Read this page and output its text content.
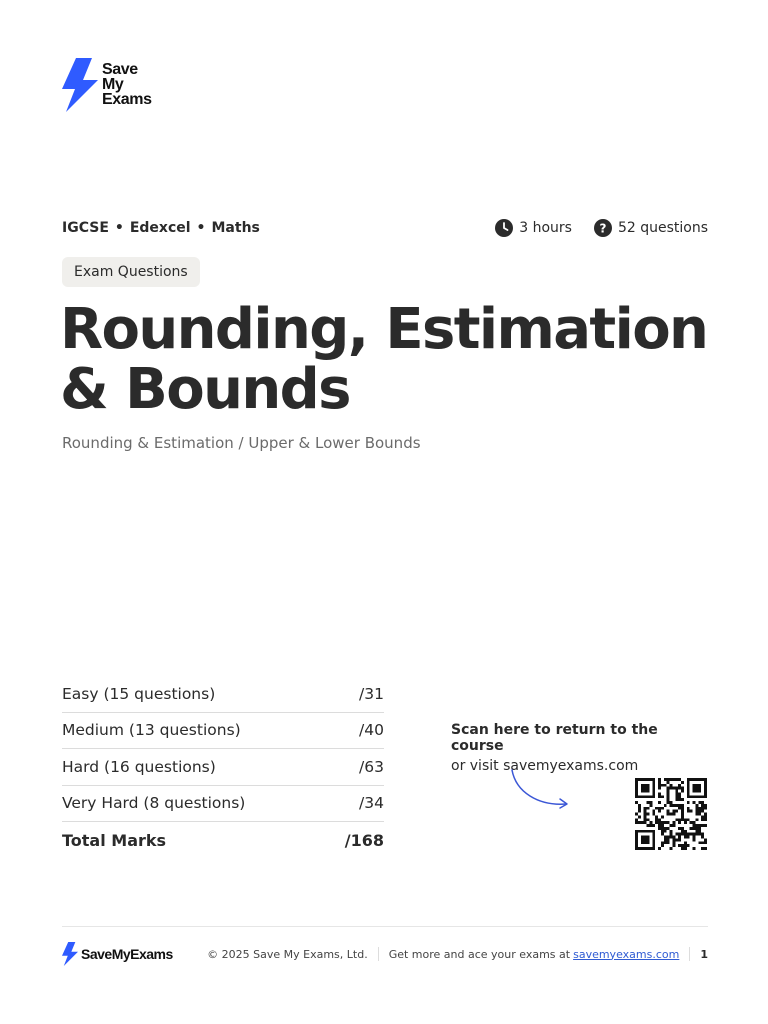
Save
My
Exams
IGCSE • Edexcel • Maths	3 hours ? 52 questions
Exam Questions
Rounding, Estimation
& Bounds
Rounding & Estimation / Upper & Lower Bounds
Easy (15 questions)	/31
Medium (13 questions)	/40
Hard (16 questions)	/63
Very Hard (8 questions)	/34
Total Marks	/168
Scan here to return to the course
or visit savemyexams.com
SaveMyExams	© 2025 Save My Exams, Ltd. Get more and ace your exams at savemyexams.com 1
